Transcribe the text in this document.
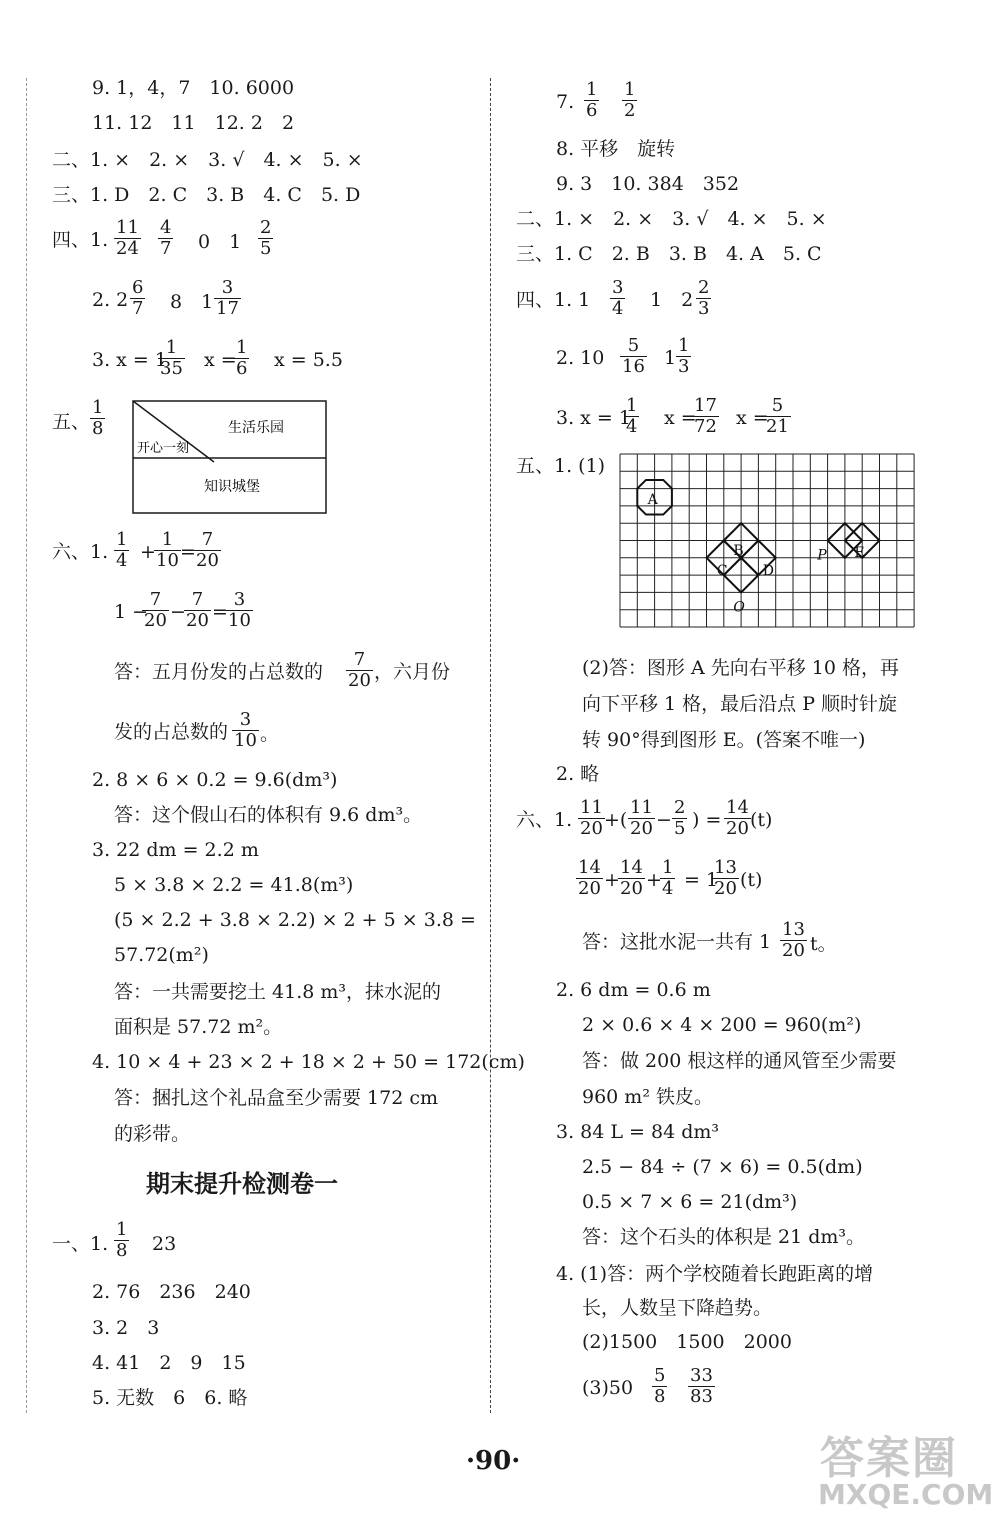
9. 1，4，7　10. 6000
11. 12　11　12. 2　2
二、1. ×　2. ×　3. √　4. ×　5. ×
三、1. D　2. C　3. B　4. C　5. D
四、1. $\frac{11}{24} \frac{4}{7} 0$　$1 \frac{2}{5}$
2. $2 \frac{6}{7} 8$　$1 \frac{3}{17}$
3. x = 1
$\frac{1}{35}$ x =
$\frac{1}{6}$ x = 5.5
五、 $\frac{1}{8}$	生活乐园
开心一刻
知识城堡
六、1. $\frac{1}{4}$ +
$\frac{1}{10}$ =
$\frac{7}{20}$
1 −
$\frac{7}{20}$ −
$\frac{7}{20}$ =
$\frac{3}{10}$
答：五月份发的占总数的 $\frac{7}{20}$ ，六月份
发的占总数的 $\frac{3}{10}$ 。
2. 8 × 6 × 0.2 = 9.6(dm³)
答：这个假山石的体积有 9.6 dm³。
3. 22 dm = 2.2 m
5 × 3.8 × 2.2 = 41.8(m³)
(5 × 2.2 + 3.8 × 2.2) × 2 + 5 × 3.8 =
57.72(m²)
答：一共需要挖土 41.8 m³，抹水泥的
面积是 57.72 m²。
4. 10 × 4 + 23 × 2 + 18 × 2 + 50 = 172(cm)
答：捆扎这个礼品盒至少需要 172 cm
的彩带。
期末提升检测卷一
一、1. $\frac{1}{8} 23$
2. 76　236　240
3. 2　3
4. 41　2　9　15
5. 无数　6　6. 略
7. $\frac{1}{6} \frac{1}{2}$
8. 平移　旋转
9. 3　10. 384　352
二、1. ×　2. ×　3. √　4. ×　5. ×
三、1. C　2. B　3. B　4. A　5. C
四、1. $1 \frac{3}{4} 1$　$2 \frac{2}{3}$
2. $10 \frac{5}{16} 1 \frac{1}{3}$
3. x = 1
$\frac{1}{4}$ x =
$\frac{17}{72}$ x =
$\frac{5}{21}$
五、1. (1)
A
B
C	D
E
P
O
(2)答：图形 A 先向右平移 10 格，再
向下平移 1 格，最后沿点 P 顺时针旋
转 90°得到图形 E。(答案不唯一)
2. 略
六、1. $\frac{11}{20}$ +( $\frac{11}{20} - \frac{2}{5}$ ) = $\frac{14}{20} (t)$
$\frac{14}{20}$ +
$\frac{14}{20}$ +
$\frac{1}{4} = 1$
$\frac{13}{20} (t)$
答：这批水泥一共有 $1 \frac{13}{20}$ t。
2. 6 dm = 0.6 m
2 × 0.6 × 4 × 200 = 960(m²)
答：做 200 根这样的通风管至少需要
960 m² 铁皮。
3. 84 L = 84 dm³
2.5 − 84 ÷ (7 × 6) = 0.5(dm)
0.5 × 7 × 6 = 21(dm³)
答：这个石头的体积是 21 dm³。
4. (1)答：两个学校随着长跑距离的增
长，人数呈下降趋势。
(2)1500　1500　2000
$(3)50 \frac{5}{8} \frac{33}{83}$
·90·	答案圈
MXQE.COM
